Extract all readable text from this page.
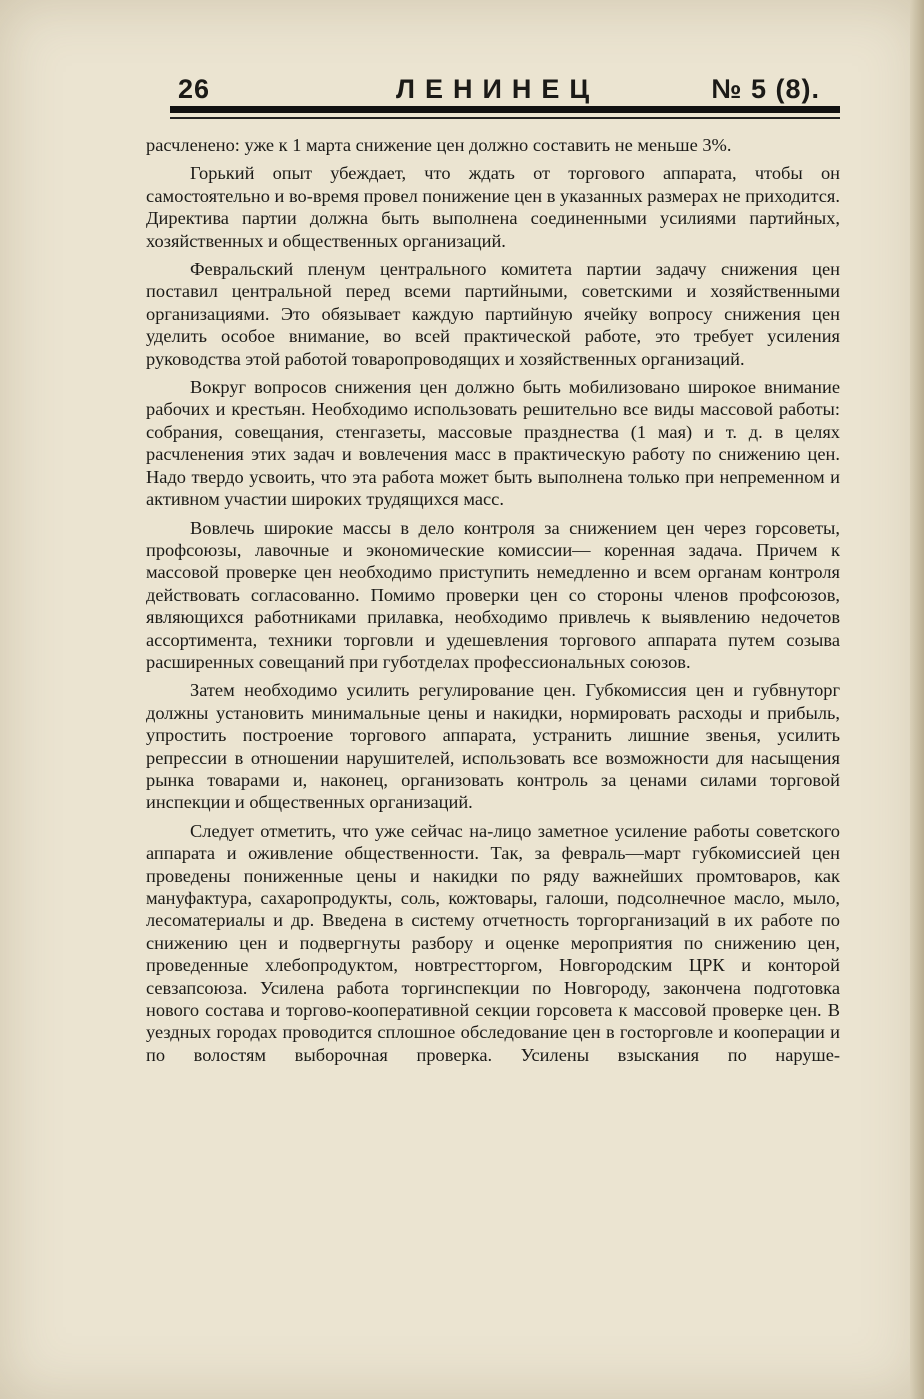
26	ЛЕНИНЕЦ	№ 5 (8).

расчленено: уже к 1 марта снижение цен должно составить не меньше 3%.

Горький опыт убеждает, что ждать от торгового аппарата, чтобы он самостоятельно и во-время провел понижение цен в указанных размерах не приходится. Директива партии должна быть выполнена соединенными усилиями партийных, хозяйственных и общественных организаций.

Февральский пленум центрального комитета партии задачу снижения цен поставил центральной перед всеми партийными, советскими и хозяйственными организациями. Это обязывает каждую партийную ячейку вопросу снижения цен уделить особое внимание, во всей практической работе, это требует усиления руководства этой работой товаропроводящих и хозяйственных организаций.

Вокруг вопросов снижения цен должно быть мобилизовано широкое внимание рабочих и крестьян. Необходимо использовать решительно все виды массовой работы: собрания, совещания, стенгазеты, массовые празднества (1 мая) и т. д. в целях расчленения этих задач и вовлечения масс в практическую работу по снижению цен. Надо твердо усвоить, что эта работа может быть выполнена только при непременном и активном участии широких трудящихся масс.

Вовлечь широкие массы в дело контроля за снижением цен через горсоветы, профсоюзы, лавочные и экономические комиссии— коренная задача. Причем к массовой проверке цен необходимо приступить немедленно и всем органам контроля действовать согласованно. Помимо проверки цен со стороны членов профсоюзов, являющихся работниками прилавка, необходимо привлечь к выявлению недочетов ассортимента, техники торговли и удешевления торгового аппарата путем созыва расширенных совещаний при губотделах профессиональных союзов.

Затем необходимо усилить регулирование цен. Губкомиссия цен и губвнуторг должны установить минимальные цены и накидки, нормировать расходы и прибыль, упростить построение торгового аппарата, устранить лишние звенья, усилить репрессии в отношении нарушителей, использовать все возможности для насыщения рынка товарами и, наконец, организовать контроль за ценами силами торговой инспекции и общественных организаций.

Следует отметить, что уже сейчас на-лицо заметное усиление работы советского аппарата и оживление общественности. Так, за февраль—март губкомиссией цен проведены пониженные цены и накидки по ряду важнейших промтоваров, как мануфактура, сахаропродукты, соль, кожтовары, галоши, подсолнечное масло, мыло, лесоматериалы и др. Введена в систему отчетность торгорганизаций в их работе по снижению цен и подвергнуты разбору и оценке мероприятия по снижению цен, проведенные хлебопродуктом, новтрестторгом, Новгородским ЦРК и конторой севзапсоюза. Усилена работа торгинспекции по Новгороду, закончена подготовка нового состава и торгово-кооперативной секции горсовета к массовой проверке цен. В уездных городах проводится сплошное обследование цен в госторговле и кооперации и по волостям выборочная проверка. Усилены взыскания по наруше-
